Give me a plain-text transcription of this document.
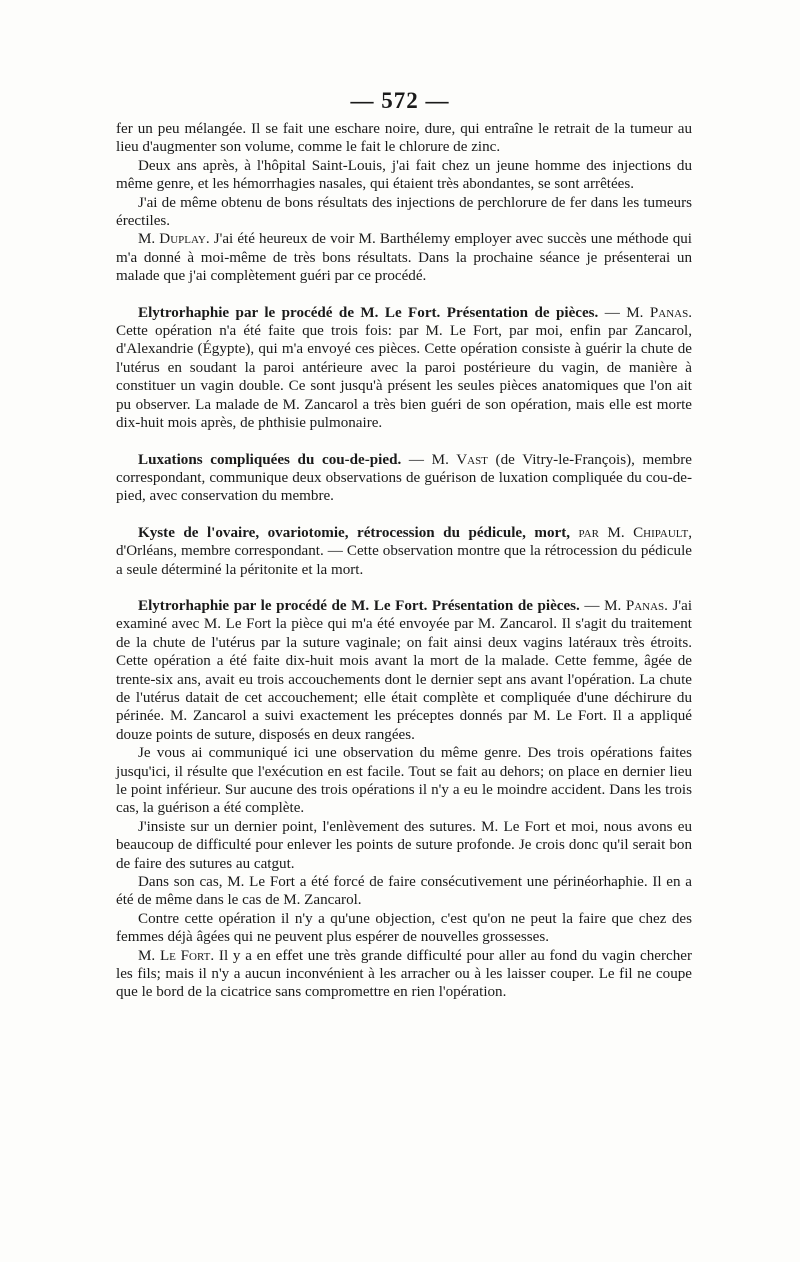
— 572 —

fer un peu mélangée. Il se fait une eschare noire, dure, qui entraîne le retrait de la tumeur au lieu d'augmenter son volume, comme le fait le chlorure de zinc.

Deux ans après, à l'hôpital Saint-Louis, j'ai fait chez un jeune homme des injections du même genre, et les hémorrhagies nasales, qui étaient très abondantes, se sont arrêtées.

J'ai de même obtenu de bons résultats des injections de perchlorure de fer dans les tumeurs érectiles.

M. Duplay. J'ai été heureux de voir M. Barthélemy employer avec succès une méthode qui m'a donné à moi-même de très bons résultats. Dans la prochaine séance je présenterai un malade que j'ai complètement guéri par ce procédé.

Elytrorhaphie par le procédé de M. Le Fort. Présentation de pièces. — M. Panas. Cette opération n'a été faite que trois fois: par M. Le Fort, par moi, enfin par Zancarol, d'Alexandrie (Égypte), qui m'a envoyé ces pièces. Cette opération consiste à guérir la chute de l'utérus en soudant la paroi antérieure avec la paroi postérieure du vagin, de manière à constituer un vagin double. Ce sont jusqu'à présent les seules pièces anatomiques que l'on ait pu observer. La malade de M. Zancarol a très bien guéri de son opération, mais elle est morte dix-huit mois après, de phthisie pulmonaire.

Luxations compliquées du cou-de-pied. — M. Vast (de Vitry-le-François), membre correspondant, communique deux observations de guérison de luxation compliquée du cou-de-pied, avec conservation du membre.

Kyste de l'ovaire, ovariotomie, rétrocession du pédicule, mort, par M. Chipault, d'Orléans, membre correspondant. — Cette observation montre que la rétrocession du pédicule a seule déterminé la péritonite et la mort.

Elytrorhaphie par le procédé de M. Le Fort. Présentation de pièces. — M. Panas. J'ai examiné avec M. Le Fort la pièce qui m'a été envoyée par M. Zancarol. Il s'agit du traitement de la chute de l'utérus par la suture vaginale; on fait ainsi deux vagins latéraux très étroits. Cette opération a été faite dix-huit mois avant la mort de la malade. Cette femme, âgée de trente-six ans, avait eu trois accouchements dont le dernier sept ans avant l'opération. La chute de l'utérus datait de cet accouchement; elle était complète et compliquée d'une déchirure du périnée. M. Zancarol a suivi exactement les préceptes donnés par M. Le Fort. Il a appliqué douze points de suture, disposés en deux rangées.

Je vous ai communiqué ici une observation du même genre. Des trois opérations faites jusqu'ici, il résulte que l'exécution en est facile. Tout se fait au dehors; on place en dernier lieu le point inférieur. Sur aucune des trois opérations il n'y a eu le moindre accident. Dans les trois cas, la guérison a été complète.

J'insiste sur un dernier point, l'enlèvement des sutures. M. Le Fort et moi, nous avons eu beaucoup de difficulté pour enlever les points de suture profonde. Je crois donc qu'il serait bon de faire des sutures au catgut.

Dans son cas, M. Le Fort a été forcé de faire consécutivement une périnéorhaphie. Il en a été de même dans le cas de M. Zancarol.

Contre cette opération il n'y a qu'une objection, c'est qu'on ne peut la faire que chez des femmes déjà âgées qui ne peuvent plus espérer de nouvelles grossesses.

M. Le Fort. Il y a en effet une très grande difficulté pour aller au fond du vagin chercher les fils; mais il n'y a aucun inconvénient à les arracher ou à les laisser couper. Le fil ne coupe que le bord de la cicatrice sans compromettre en rien l'opération.
